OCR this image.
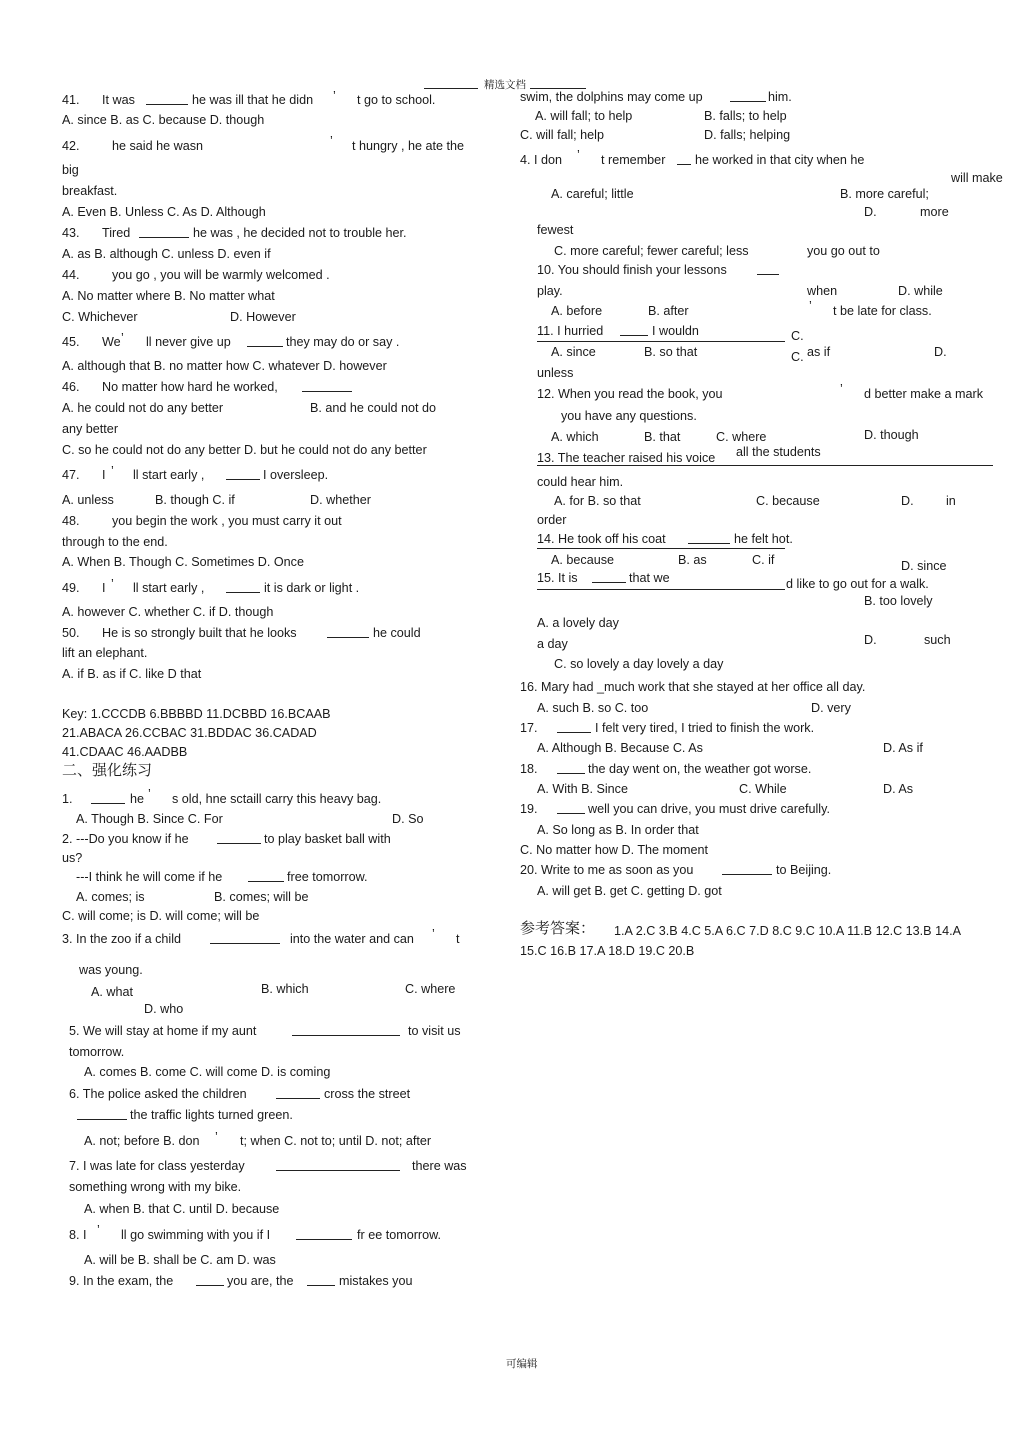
精选文档
41. It was	he was ill that he didn ’ t go to school.
A. since B. as C. because D. though
42.	he said he wasn	’ t hungry , he ate the
big
breakfast.
A. Even B. Unless C. As D. Although
43. Tired	he was , he decided not to trouble her.
A. as B. although C. unless D. even if
44.	you go , you will be warmly welcomed .
A. No matter where B. No matter what
C. Whichever	D. However
45. We ’ ll never give up	they may do or say .
A. although that B. no matter how C. whatever D. however
46. No matter how hard he worked,
A. he could not do any better	B. and he could not do
any better
C. so he could not do any better D. but he could not do any better
47. I ’ ll start early ,	I oversleep.
A. unless	B. though C. if	D. whether
48.	you begin the work , you must carry it out
through to the end.
A. When B. Though C. Sometimes D. Once
49. I ’ ll start early ,	it is dark or light .
A. however C. whether C. if D. though
50. He is so strongly built that he looks	he could
lift an elephant.
A. if B. as if C. like D that
Key: 1.CCCDB 6.BBBBD 11.DCBBD 16.BCAAB
21.ABACA 26.CCBAC 31.BDDAC 36.CADAD
41.CDAAC 46.AADBB
二、强化练习
1.	he ’ s old, hne sctaill carry this heavy bag.
A. Though B. Since C. For	D. So
2. ---Do you know if he	to play basket ball with
us?
---I think he will come if he	free tomorrow.
A. comes; is	B. comes; will be
C. will come; is D. will come; will be
3. In the zoo if a child	into the water and can ’ t
was young.
A. what	B. which	C. where
D. who
5. We will stay at home if my aunt	to visit us
tomorrow.
A. comes B. come C. will come D. is coming
6. The police asked the children	cross the street
the traffic lights turned green.
A. not; before B. don ’ t; when C. not to; until D. not; after
7. I was late for class yesterday	there was
something wrong with my bike.
A. when B. that C. until D. because
8. I ’ ll go swimming with you if I	fr ee tomorrow.
A. will be B. shall be C. am D. was
9. In the exam, the	you are, the	mistakes you
swim, the dolphins may come up	him.
A. will fall; to help	B. falls; to help
C. will fall; help	D. falls; helping
4. I don ’ t remember he worked in that city when he
will make
A. careful; little	B. more careful;
D.	more
fewest
C. more careful; fewer careful; less	you go out to
10. You should finish your lessons
play.	when	D. while
A. before	B. after	’ t be late for class.
11. I hurried	I wouldn	C.
C. as if	D.
A. since	B. so that
unless
12. When you read the book, you	’ d better make a mark
you have any questions.
A. which	B. that	C. where	D. though
13. The teacher raised his voice all the students
could hear him.
A. for B. so that	C. because	D.	in
order
14. He took off his coat	he felt hot.
A. because	B. as	C. if	D. since
15. It is	that we	d like to go out for a walk.
B. too lovely
A. a lovely day
a day	D.	such
C. so lovely a day lovely a day
16. Mary had _much work that she stayed at her office all day.
A. such B. so C. too	D. very
17.	I felt very tired, I tried to finish the work.
A. Although B. Because C. As	D. As if
18.	the day went on, the weather got worse.
A. With B. Since	C. While	D. As
19.	well you can drive, you must drive carefully.
A. So long as B. In order that
C. No matter how D. The moment
20. Write to me as soon as you	to Beijing.
A. will get B. get C. getting D. got
参考答案： 1.A 2.C 3.B 4.C 5.A 6.C 7.D 8.C 9.C 10.A 11.B 12.C 13.B 14.A
15.C 16.B 17.A 18.D 19.C 20.B
可编辑
